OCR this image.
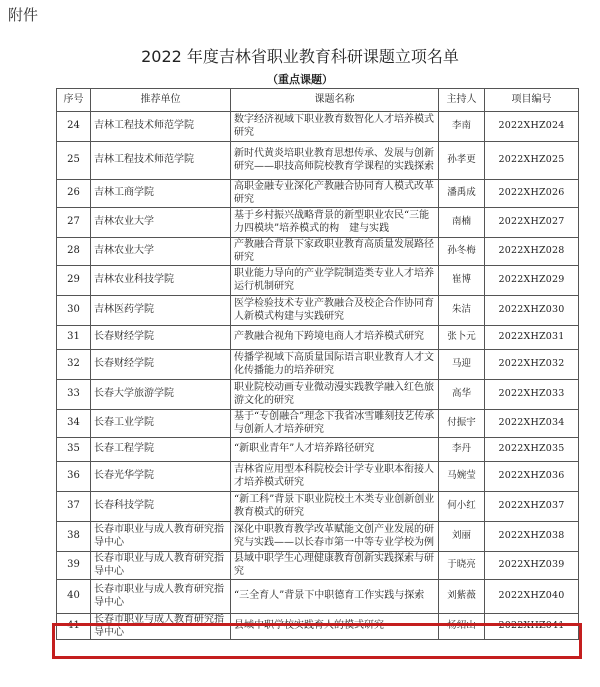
附件
2022 年度吉林省职业教育科研课题立项名单
（重点课题）
序号	推荐单位	课题名称	主持人	项目编号
24	吉林工程技术师范学院	数字经济视域下职业教育数智化人才培养模式研究	李南	2022XHZ024
25	吉林工程技术师范学院	新时代黄炎培职业教育思想传承、发展与创新研究——职技高师院校教育学课程的实践探索	孙孝更	2022XHZ025
26	吉林工商学院	高职金融专业深化产教融合协同育人模式改革研究	潘禹成	2022XHZ026
27	吉林农业大学	基于乡村振兴战略背景的新型职业农民“三能力四模块”培养模式的构　建与实践	南楠	2022XHZ027
28	吉林农业大学	产教融合背景下家政职业教育高质量发展路径研究	孙冬梅	2022XHZ028
29	吉林农业科技学院	职业能力导向的产业学院制造类专业人才培养运行机制研究	崔博	2022XHZ029
30	吉林医药学院	医学检验技术专业产教融合及校企合作协同育人新模式构建与实践研究	朱洁	2022XHZ030
31	长春财经学院	产教融合视角下跨境电商人才培养模式研究	张卜元	2022XHZ031
32	长春财经学院	传播学视域下高质量国际语言职业教育人才文化传播能力的培养研究	马迎	2022XHZ032
33	长春大学旅游学院	职业院校动画专业微动漫实践教学融入红色旅游文化的研究	高华	2022XHZ033
34	长春工业学院	基于“专创融合”理念下我省冰雪雕刻技艺传承与创新人才培养研究	付振宇	2022XHZ034
35	长春工程学院	“新职业青年”人才培养路径研究	李丹	2022XHZ035
36	长春光华学院	吉林省应用型本科院校会计学专业职本衔接人才培养模式研究	马婉莹	2022XHZ036
37	长春科技学院	“新工科”背景下职业院校土木类专业创新创业教育模式的研究	何小红	2022XHZ037
38	长春市职业与成人教育研究指导中心	深化中职教育教学改革赋能文创产业发展的研究与实践——以长春市第一中等专业学校为例	刘丽	2022XHZ038
39	长春市职业与成人教育研究指导中心	县域中职学生心理健康教育创新实践探索与研究	于晓亮	2022XHZ039
40	长春市职业与成人教育研究指导中心	“三全育人”背景下中职德育工作实践与探索	刘紫薇	2022XHZ040
41	长春市职业与成人教育研究指导中心	县域中职学校实践育人的模式研究	杨绍山	2022XHZ041
